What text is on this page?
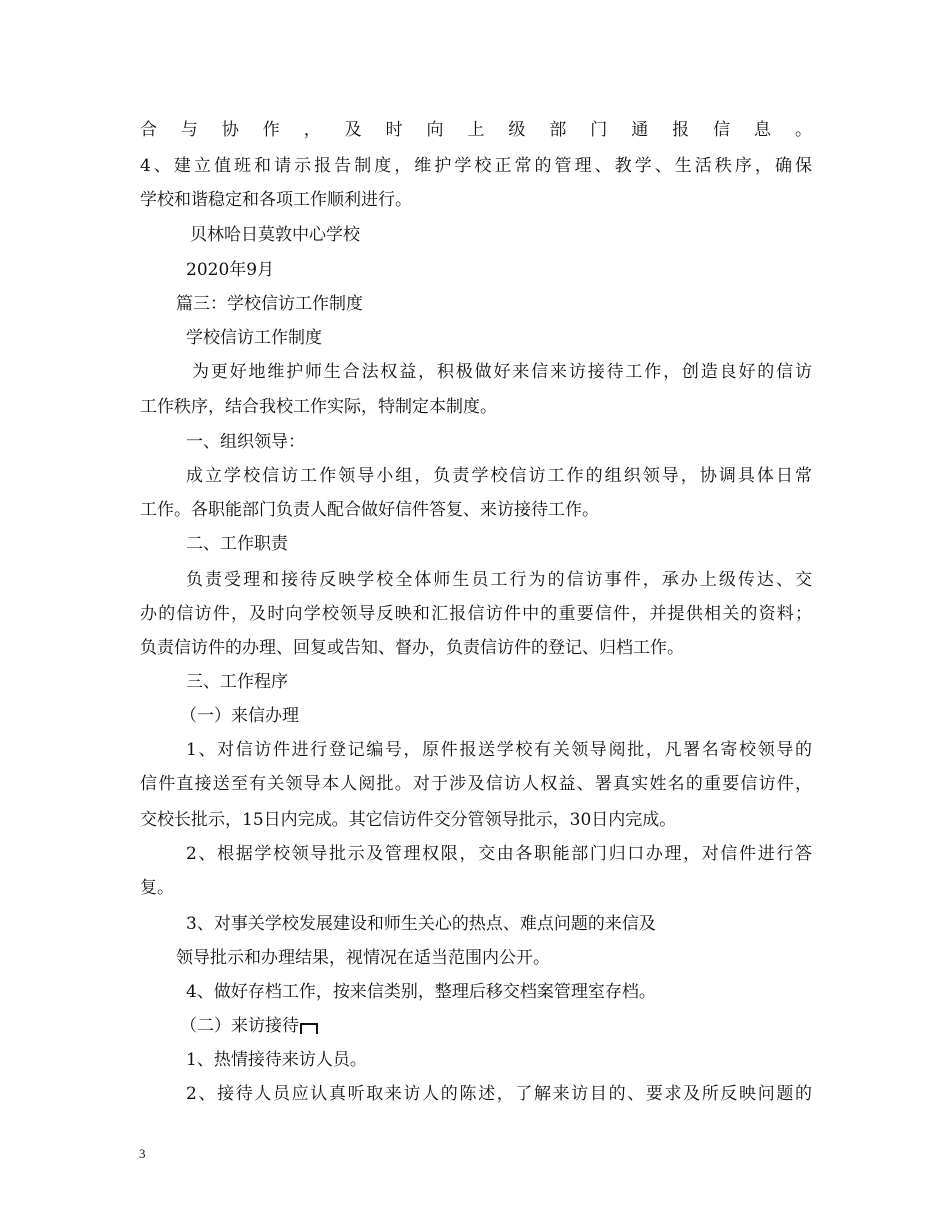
合与协作，及时向上级部门通报信息。
4、建立值班和请示报告制度，维护学校正常的管理、教学、生活秩序，确保
学校和谐稳定和各项工作顺利进行。
贝林哈日莫敦中心学校
2020年9月
篇三：学校信访工作制度
学校信访工作制度
为更好地维护师生合法权益，积极做好来信来访接待工作，创造良好的信访
工作秩序，结合我校工作实际，特制定本制度。
一、组织领导：
成立学校信访工作领导小组，负责学校信访工作的组织领导，协调具体日常
工作。各职能部门负责人配合做好信件答复、来访接待工作。
二、工作职责
负责受理和接待反映学校全体师生员工行为的信访事件，承办上级传达、交
办的信访件，及时向学校领导反映和汇报信访件中的重要信件，并提供相关的资料；
负责信访件的办理、回复或告知、督办，负责信访件的登记、归档工作。
三、工作程序
（一）来信办理
1、对信访件进行登记编号，原件报送学校有关领导阅批，凡署名寄校领导的
信件直接送至有关领导本人阅批。对于涉及信访人权益、署真实姓名的重要信访件，
交校长批示，15日内完成。其它信访件交分管领导批示，30日内完成。
2、根据学校领导批示及管理权限，交由各职能部门归口办理，对信件进行答
复。
3、对事关学校发展建设和师生关心的热点、难点问题的来信及
领导批示和办理结果，视情况在适当范围内公开。
4、做好存档工作，按来信类别，整理后移交档案管理室存档。
（二）来访接待
1、热情接待来访人员。
2、接待人员应认真听取来访人的陈述，了解来访目的、要求及所反映问题的
3
